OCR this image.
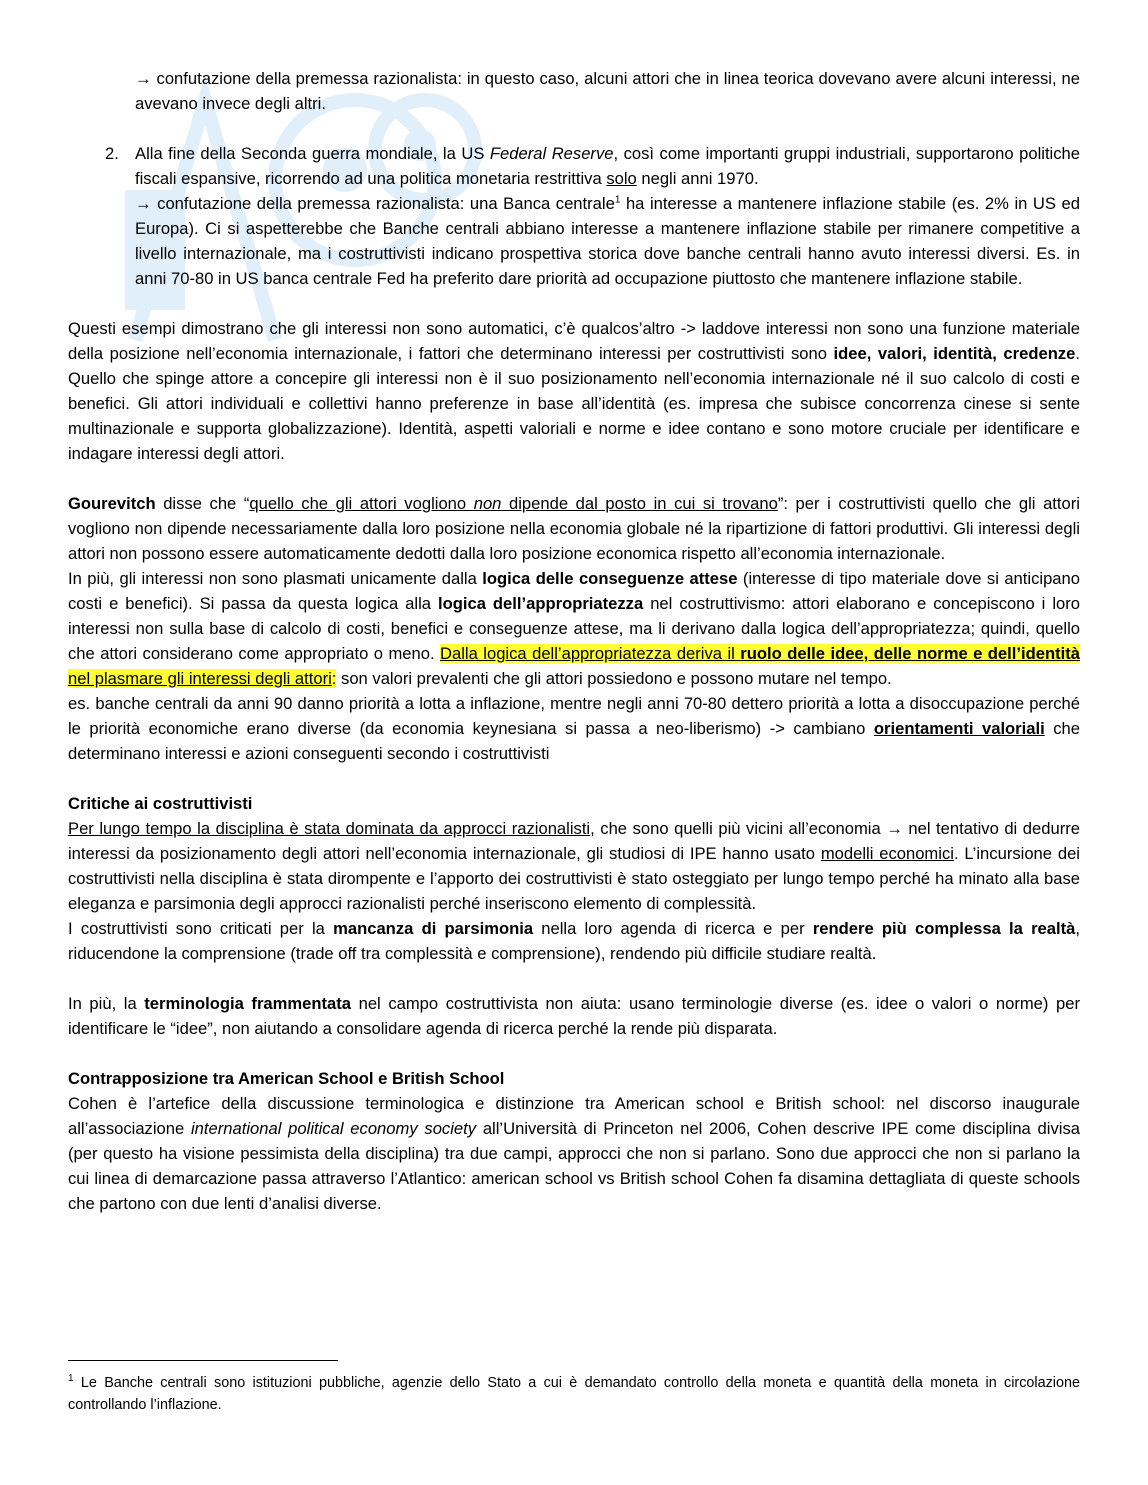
→ confutazione della premessa razionalista: in questo caso, alcuni attori che in linea teorica dovevano avere alcuni interessi, ne avevano invece degli altri.

2. Alla fine della Seconda guerra mondiale, la US Federal Reserve, così come importanti gruppi industriali, supportarono politiche fiscali espansive, ricorrendo ad una politica monetaria restrittiva solo negli anni 1970.
→ confutazione della premessa razionalista: una Banca centrale$^1$ ha interesse a mantenere inflazione stabile (es. 2% in US ed Europa). Ci si aspetterebbe che Banche centrali abbiano interesse a mantenere inflazione stabile per rimanere competitive a livello internazionale, ma i costruttivisti indicano prospettiva storica dove banche centrali hanno avuto interessi diversi. Es. in anni 70-80 in US banca centrale Fed ha preferito dare priorità ad occupazione piuttosto che mantenere inflazione stabile.

Questi esempi dimostrano che gli interessi non sono automatici, c’è qualcos’altro -> laddove interessi non sono una funzione materiale della posizione nell’economia internazionale, i fattori che determinano interessi per costruttivisti sono idee, valori, identità, credenze. Quello che spinge attore a concepire gli interessi non è il suo posizionamento nell’economia internazionale né il suo calcolo di costi e benefici. Gli attori individuali e collettivi hanno preferenze in base all’identità (es. impresa che subisce concorrenza cinese si sente multinazionale e supporta globalizzazione). Identità, aspetti valoriali e norme e idee contano e sono motore cruciale per identificare e indagare interessi degli attori.

Gourevitch disse che “quello che gli attori vogliono non dipende dal posto in cui si trovano”: per i costruttivisti quello che gli attori vogliono non dipende necessariamente dalla loro posizione nella economia globale né la ripartizione di fattori produttivi. Gli interessi degli attori non possono essere automaticamente dedotti dalla loro posizione economica rispetto all’economia internazionale.

In più, gli interessi non sono plasmati unicamente dalla logica delle conseguenze attese (interesse di tipo materiale dove si anticipano costi e benefici). Si passa da questa logica alla logica dell’appropriatezza nel costruttivismo: attori elaborano e concepiscono i loro interessi non sulla base di calcolo di costi, benefici e conseguenze attese, ma li derivano dalla logica dell’appropriatezza; quindi, quello che attori considerano come appropriato o meno. Dalla logica dell’appropriatezza deriva il ruolo delle idee, delle norme e dell’identità nel plasmare gli interessi degli attori: son valori prevalenti che gli attori possiedono e possono mutare nel tempo.

es. banche centrali da anni 90 danno priorità a lotta a inflazione, mentre negli anni 70-80 dettero priorità a lotta a disoccupazione perché le priorità economiche erano diverse (da economia keynesiana si passa a neo-liberismo) -> cambiano orientamenti valoriali che determinano interessi e azioni conseguenti secondo i costruttivisti

Critiche ai costruttivisti

Per lungo tempo la disciplina è stata dominata da approcci razionalisti, che sono quelli più vicini all’economia → nel tentativo di dedurre interessi da posizionamento degli attori nell’economia internazionale, gli studiosi di IPE hanno usato modelli economici. L’incursione dei costruttivisti nella disciplina è stata dirompente e l’apporto dei costruttivisti è stato osteggiato per lungo tempo perché ha minato alla base eleganza e parsimonia degli approcci razionalisti perché inseriscono elemento di complessità.

I costruttivisti sono criticati per la mancanza di parsimonia nella loro agenda di ricerca e per rendere più complessa la realtà, riducendone la comprensione (trade off tra complessità e comprensione), rendendo più difficile studiare realtà.

In più, la terminologia frammentata nel campo costruttivista non aiuta: usano terminologie diverse (es. idee o valori o norme) per identificare le “idee”, non aiutando a consolidare agenda di ricerca perché la rende più disparata.

Contrapposizione tra American School e British School

Cohen è l’artefice della discussione terminologica e distinzione tra American school e British school: nel discorso inaugurale all’associazione international political economy society all’Università di Princeton nel 2006, Cohen descrive IPE come disciplina divisa (per questo ha visione pessimista della disciplina) tra due campi, approcci che non si parlano. Sono due approcci che non si parlano la cui linea di demarcazione passa attraverso l’Atlantico: american school vs British school Cohen fa disamina dettagliata di queste schools che partono con due lenti d’analisi diverse.

$^1$ Le Banche centrali sono istituzioni pubbliche, agenzie dello Stato a cui è demandato controllo della moneta e quantità della moneta in circolazione controllando l’inflazione.
